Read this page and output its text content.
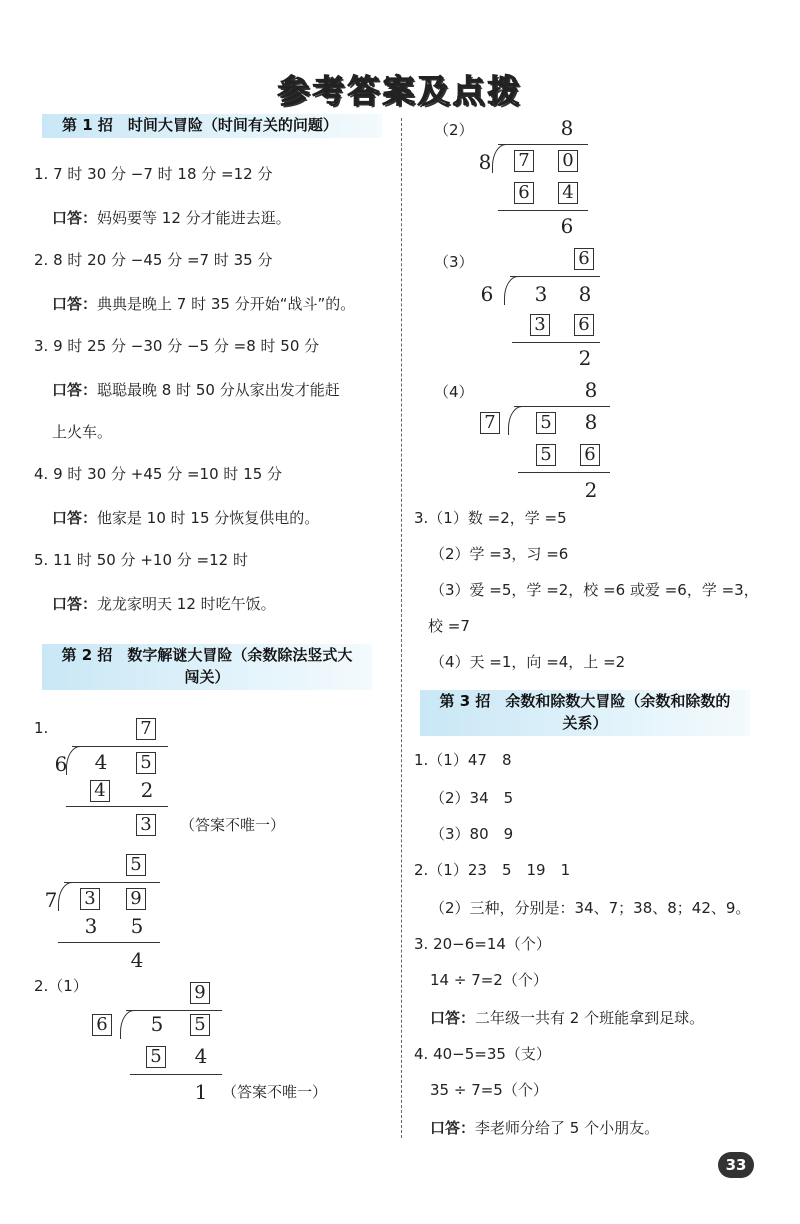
参考答案及点拨
第 1 招　时间大冒险（时间有关的问题）
1. 7 时 30 分 −7 时 18 分 =12 分
口答：妈妈要等 12 分才能进去逛。
2. 8 时 20 分 −45 分 =7 时 35 分
口答：典典是晚上 7 时 35 分开始“战斗”的。
3. 9 时 25 分 −30 分 −5 分 =8 时 50 分
口答：聪聪最晚 8 时 50 分从家出发才能赶
上火车。
4. 9 时 30 分 +45 分 =10 时 15 分
口答：他家是 10 时 15 分恢复供电的。
5. 11 时 50 分 +10 分 =12 时
口答：龙龙家明天 12 时吃午饭。
第 2 招　数字解谜大冒险（余数除法竖式大
闯关）
1.	7
6 4 5
4 2
3 （答案不唯一）
5
7 3 9
3 5
4
2.（1）	9
6 5 5
5 4
1 （答案不唯一）
（2）	8
8 7 0
6 4
6
（3）	6
6 3 8
3 6
2
（4）	8
7 5 8
5 6
2
3.（1）数 =2，学 =5
（2）学 =3，习 =6
（3）爱 =5，学 =2，校 =6 或爱 =6，学 =3，
校 =7
（4）天 =1，向 =4，上 =2
第 3 招　余数和除数大冒险（余数和除数的
关系）
1.（1）47　8
（2）34　5
（3）80　9
2.（1）23　5　19　1
（2）三种，分别是：34、7；38、8；42、9。
3. 20−6=14（个）
14 ÷ 7=2（个）
口答：二年级一共有 2 个班能拿到足球。
4. 40−5=35（支）
35 ÷ 7=5（个）
口答：李老师分给了 5 个小朋友。
33
